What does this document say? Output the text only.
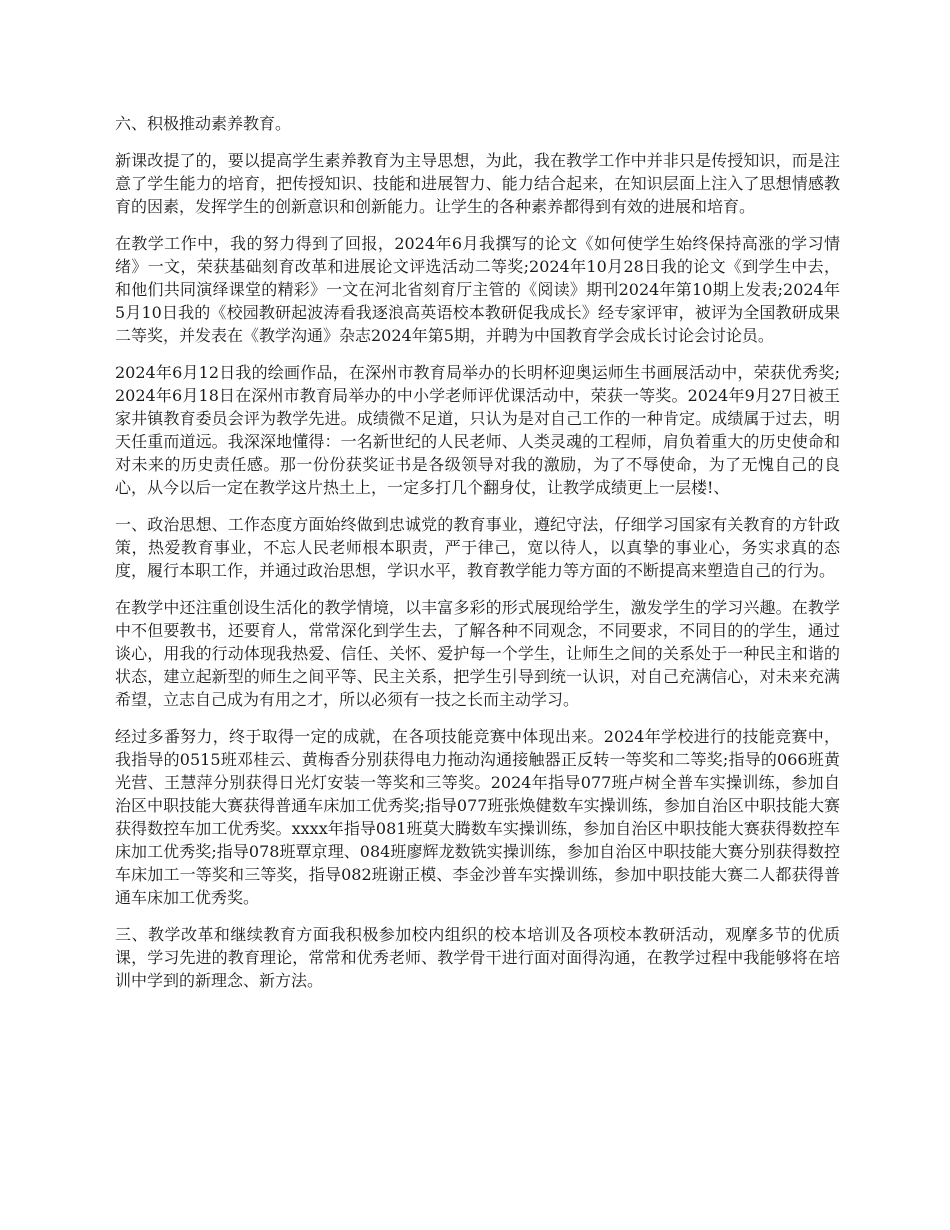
六、积极推动素养教育。

新课改提了的，要以提高学生素养教育为主导思想，为此，我在教学工作中并非只是传授知识，而是注意了学生能力的培育，把传授知识、技能和进展智力、能力结合起来，在知识层面上注入了思想情感教育的因素，发挥学生的创新意识和创新能力。让学生的各种素养都得到有效的进展和培育。

在教学工作中，我的努力得到了回报，2024年6月我撰写的论文《如何使学生始终保持高涨的学习情绪》一文，荣获基础刻育改革和进展论文评选活动二等奖;2024年10月28日我的论文《到学生中去，和他们共同演绎课堂的精彩》一文在河北省刻育厅主管的《阅读》期刊2024年第10期上发表;2024年5月10日我的《校园教研起波涛看我逐浪高英语校本教研促我成长》经专家评审，被评为全国教研成果二等奖，并发表在《教学沟通》杂志2024年第5期，并聘为中国教育学会成长讨论会讨论员。

2024年6月12日我的绘画作品，在深州市教育局举办的长明杯迎奥运师生书画展活动中，荣获优秀奖;2024年6月18日在深州市教育局举办的中小学老师评优课活动中，荣获一等奖。2024年9月27日被王家井镇教育委员会评为教学先进。成绩微不足道，只认为是对自己工作的一种肯定。成绩属于过去，明天任重而道远。我深深地懂得：一名新世纪的人民老师、人类灵魂的工程师，肩负着重大的历史使命和对未来的历史责任感。那一份份获奖证书是各级领导对我的激励，为了不辱使命，为了无愧自己的良心，从今以后一定在教学这片热土上，一定多打几个翻身仗，让教学成绩更上一层楼!、

一、政治思想、工作态度方面始终做到忠诚党的教育事业，遵纪守法，仔细学习国家有关教育的方针政策，热爱教育事业，不忘人民老师根本职责，严于律己，宽以待人，以真挚的事业心，务实求真的态度，履行本职工作，并通过政治思想，学识水平，教育教学能力等方面的不断提高来塑造自己的行为。

在教学中还注重创设生活化的教学情境，以丰富多彩的形式展现给学生，激发学生的学习兴趣。在教学中不但要教书，还要育人，常常深化到学生去，了解各种不同观念，不同要求，不同目的的学生，通过谈心，用我的行动体现我热爱、信任、关怀、爱护每一个学生，让师生之间的关系处于一种民主和谐的状态，建立起新型的师生之间平等、民主关系，把学生引导到统一认识，对自己充满信心，对未来充满希望，立志自己成为有用之才，所以必须有一技之长而主动学习。

经过多番努力，终于取得一定的成就，在各项技能竞赛中体现出来。2024年学校进行的技能竞赛中，我指导的0515班邓桂云、黄梅香分别获得电力拖动沟通接触器正反转一等奖和二等奖;指导的066班黄光营、王慧萍分别获得日光灯安装一等奖和三等奖。2024年指导077班卢树全普车实操训练，参加自治区中职技能大赛获得普通车床加工优秀奖;指导077班张焕健数车实操训练，参加自治区中职技能大赛获得数控车加工优秀奖。xxxx年指导081班莫大腾数车实操训练，参加自治区中职技能大赛获得数控车床加工优秀奖;指导078班覃京理、084班廖辉龙数铣实操训练，参加自治区中职技能大赛分别获得数控车床加工一等奖和三等奖，指导082班谢正模、李金沙普车实操训练，参加中职技能大赛二人都获得普通车床加工优秀奖。

三、教学改革和继续教育方面我积极参加校内组织的校本培训及各项校本教研活动，观摩多节的优质课，学习先进的教育理论，常常和优秀老师、教学骨干进行面对面得沟通，在教学过程中我能够将在培训中学到的新理念、新方法。
